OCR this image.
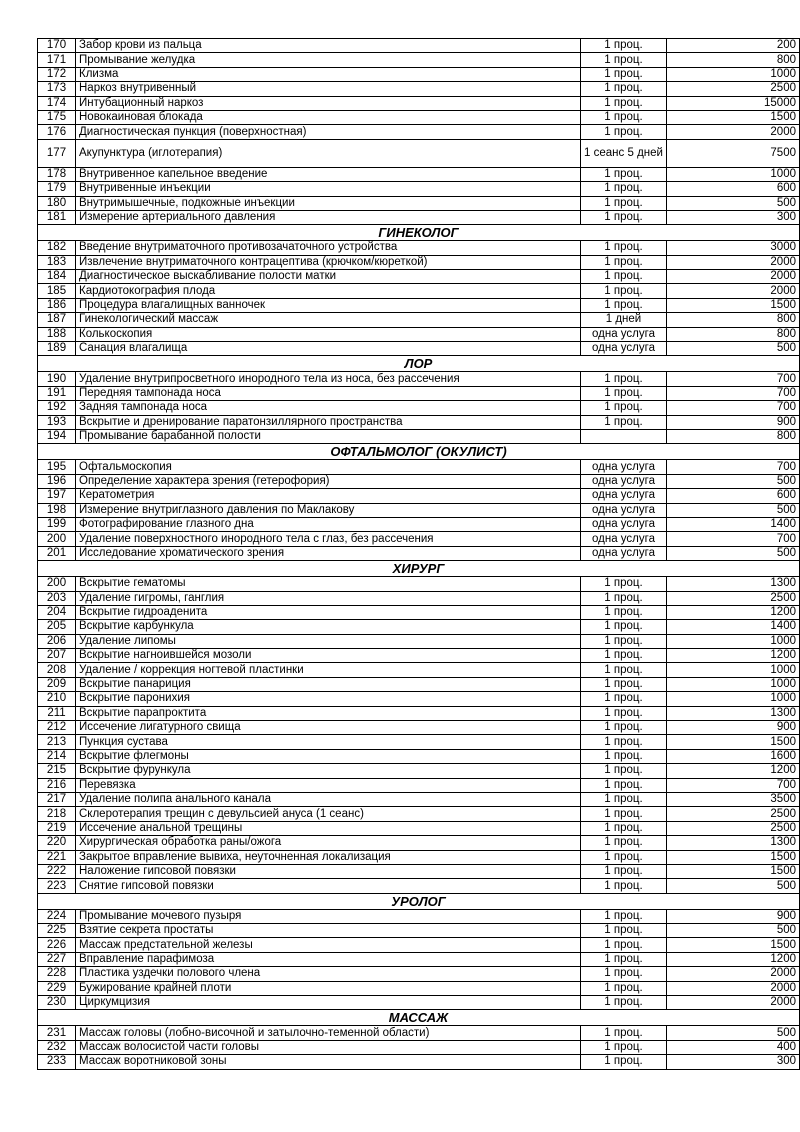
170	Забор крови из пальца	1 проц.	200
171	Промывание желудка	1 проц.	800
172	Клизма	1 проц.	1000
173	Наркоз внутривенный	1 проц.	2500
174	Интубационный наркоз	1 проц.	15000
175	Новокаиновая блокада	1 проц.	1500
176	Диагностическая пункция (поверхностная)	1 проц.	2000
177	Акупунктура (иглотерапия)	1 сеанс 5 дней	7500
178	Внутривенное капельное введение	1 проц.	1000
179	Внутривенные инъекции	1 проц.	600
180	Внутримышечные, подкожные инъекции	1 проц.	500
181	Измерение артериального давления	1 проц.	300
ГИНЕКОЛОГ			
182	Введение внутриматочного противозачаточного устройства	1 проц.	3000
183	Извлечение внутриматочного контрацептива (крючком/кюреткой)	1 проц.	2000
184	Диагностическое выскабливание полости матки	1 проц.	2000
185	Кардиотокография плода	1 проц.	2000
186	Процедура влагалищных ванночек	1 проц.	1500
187	Гинекологический массаж	1 дней	800
188	Колькоскопия	одна услуга	800
189	Санация влагалища	одна услуга	500
ЛОР			
190	Удаление внутрипросветного инородного тела из носа, без рассечения	1 проц.	700
191	Передняя тампонада носа	1 проц.	700
192	Задняя тампонада носа	1 проц.	700
193	Вскрытие и дренирование паратонзиллярного пространства	1 проц.	900
194	Промывание барабанной полости		800
ОФТАЛЬМОЛОГ (ОКУЛИСТ)			
195	Офтальмоскопия	одна услуга	700
196	Определение характера зрения (гетерофория)	одна услуга	500
197	Кератометрия	одна услуга	600
198	Измерение внутриглазного давления по Маклакову	одна услуга	500
199	Фотографирование глазного дна	одна услуга	1400
200	Удаление поверхностного инородного тела с глаз, без рассечения	одна услуга	700
201	Исследование хроматического зрения	одна услуга	500
ХИРУРГ			
200	Вскрытие гематомы	1 проц.	1300
203	Удаление гигромы, ганглия	1 проц.	2500
204	Вскрытие гидроаденита	1 проц.	1200
205	Вскрытие карбункула	1 проц.	1400
206	Удаление липомы	1 проц.	1000
207	Вскрытие нагноившейся мозоли	1 проц.	1200
208	Удаление / коррекция ногтевой пластинки	1 проц.	1000
209	Вскрытие панариция	1 проц.	1000
210	Вскрытие паронихия	1 проц.	1000
211	Вскрытие парапроктита	1 проц.	1300
212	Иссечение лигатурного свища	1 проц.	900
213	Пункция сустава	1 проц.	1500
214	Вскрытие флегмоны	1 проц.	1600
215	Вскрытие фурункула	1 проц.	1200
216	Перевязка	1 проц.	700
217	Удаление полипа анального канала	1 проц.	3500
218	Склеротерапия трещин с девульсией ануса (1 сеанс)	1 проц.	2500
219	Иссечение анальной трещины	1 проц.	2500
220	Хирургическая обработка раны/ожога	1 проц.	1300
221	Закрытое вправление вывиха, неуточненная локализация	1 проц.	1500
222	Наложение гипсовой повязки	1 проц.	1500
223	Снятие гипсовой повязки	1 проц.	500
УРОЛОГ			
224	Промывание мочевого пузыря	1 проц.	900
225	Взятие секрета простаты	1 проц.	500
226	Массаж предстательной железы	1 проц.	1500
227	Вправление парафимоза	1 проц.	1200
228	Пластика уздечки полового члена	1 проц.	2000
229	Бужирование крайней плоти	1 проц.	2000
230	Циркумцизия	1 проц.	2000
МАССАЖ			
231	Массаж головы (лобно-височной и затылочно-теменной области)	1 проц.	500
232	Массаж волосистой части головы	1 проц.	400
233	Массаж воротниковой зоны	1 проц.	300
